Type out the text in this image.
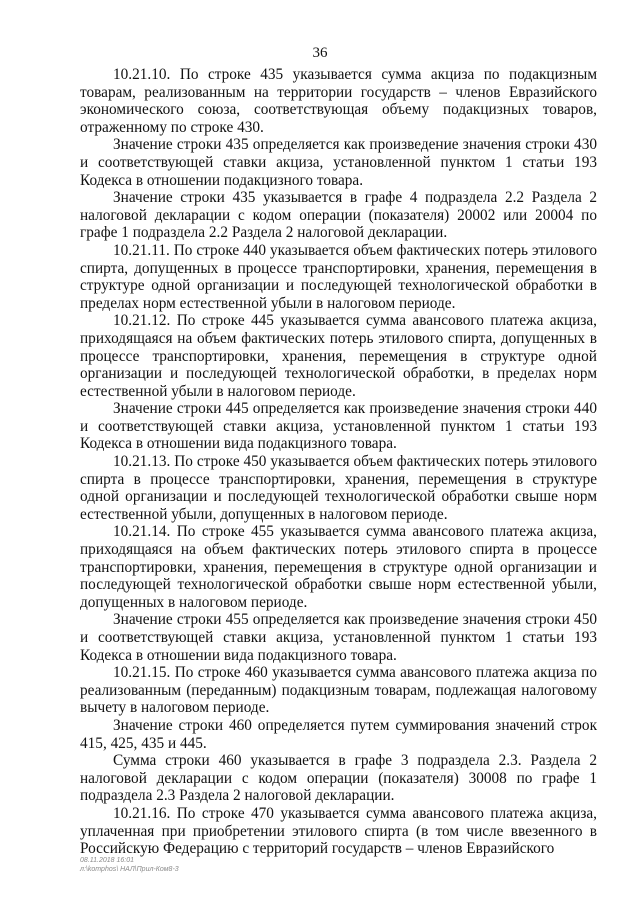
36

10.21.10. По строке 435 указывается сумма акциза по подакцизным товарам, реализованным на территории государств – членов Евразийского экономического союза, соответствующая объему подакцизных товаров, отраженному по строке 430.

Значение строки 435 определяется как произведение значения строки 430 и соответствующей ставки акциза, установленной пунктом 1 статьи 193 Кодекса в отношении подакцизного товара.

Значение строки 435 указывается в графе 4 подраздела 2.2 Раздела 2 налоговой декларации с кодом операции (показателя) 20002 или 20004 по графе 1 подраздела 2.2 Раздела 2 налоговой декларации.

10.21.11. По строке 440 указывается объем фактических потерь этилового спирта, допущенных в процессе транспортировки, хранения, перемещения в структуре одной организации и последующей технологической обработки в пределах норм естественной убыли в налоговом периоде.

10.21.12. По строке 445 указывается сумма авансового платежа акциза, приходящаяся на объем фактических потерь этилового спирта, допущенных в процессе транспортировки, хранения, перемещения в структуре одной организации и последующей технологической обработки, в пределах норм естественной убыли в налоговом периоде.

Значение строки 445 определяется как произведение значения строки 440 и соответствующей ставки акциза, установленной пунктом 1 статьи 193 Кодекса в отношении вида подакцизного товара.

10.21.13. По строке 450 указывается объем фактических потерь этилового спирта в процессе транспортировки, хранения, перемещения в структуре одной организации и последующей технологической обработки свыше норм естественной убыли, допущенных в налоговом периоде.

10.21.14. По строке 455 указывается сумма авансового платежа акциза, приходящаяся на объем фактических потерь этилового спирта в процессе транспортировки, хранения, перемещения в структуре одной организации и последующей технологической обработки свыше норм естественной убыли, допущенных в налоговом периоде.

Значение строки 455 определяется как произведение значения строки 450 и соответствующей ставки акциза, установленной пунктом 1 статьи 193 Кодекса в отношении вида подакцизного товара.

10.21.15. По строке 460 указывается сумма авансового платежа акциза по реализованным (переданным) подакцизным товарам, подлежащая налоговому вычету в налоговом периоде.

Значение строки 460 определяется путем суммирования значений строк 415, 425, 435 и 445.

Сумма строки 460 указывается в графе 3 подраздела 2.3. Раздела 2 налоговой декларации с кодом операции (показателя) 30008 по графе 1 подраздела 2.3 Раздела 2 налоговой декларации.

10.21.16. По строке 470 указывается сумма авансового платежа акциза, уплаченная при приобретении этилового спирта (в том числе ввезенного в Российскую Федерацию с территорий государств – членов Евразийского

08.11.2018 16:01
л:\komphos\ НАЛ\Прил-Ком8-3
